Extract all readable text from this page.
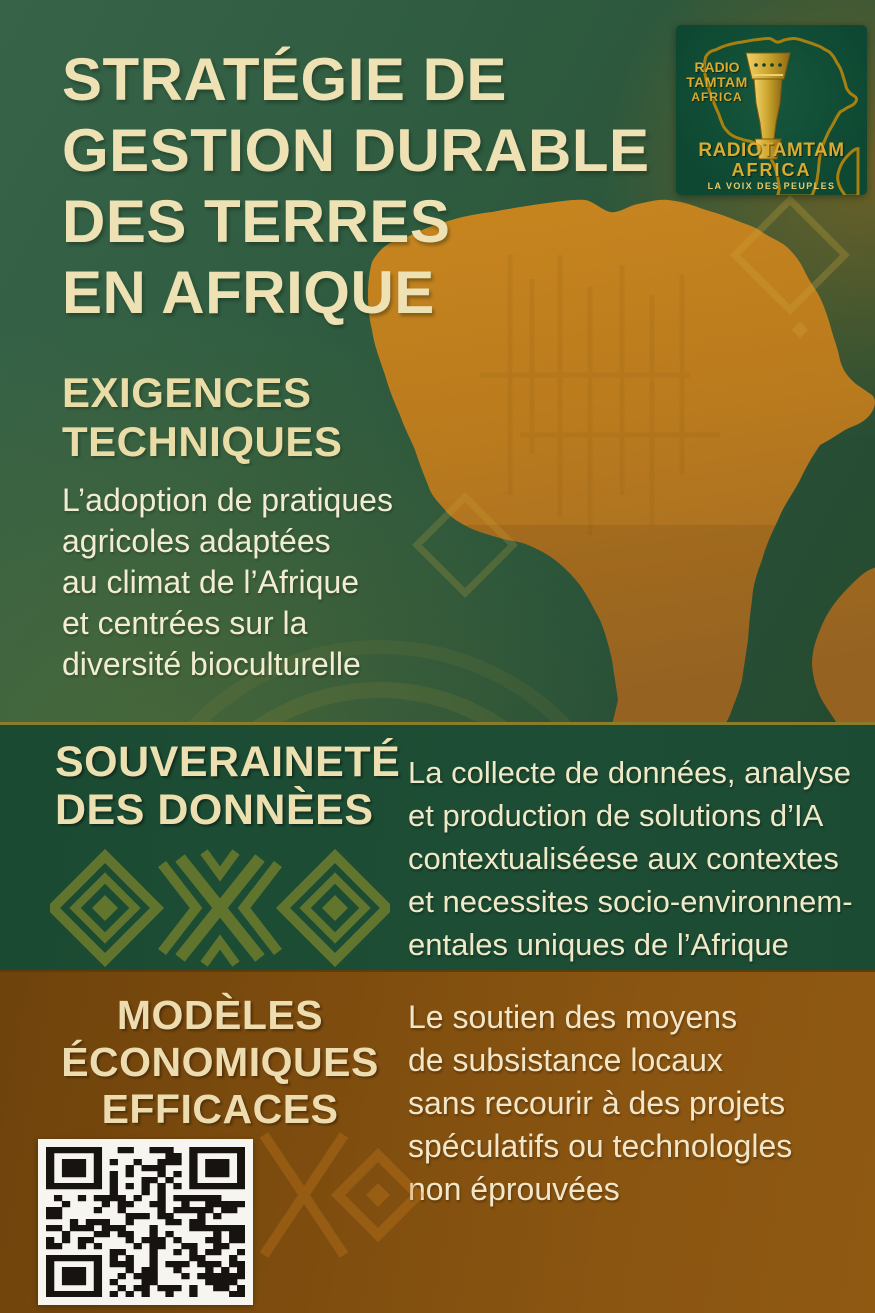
STRATÉGIE DE
GESTION DURABLE
DES TERRES
EN AFRIQUE
RADIO
TAMTAM
AFRICA
RADIOTAMTAM
AFRICA
LA VOIX DES PEUPLES
EXIGENCES
TECHNIQUES
L’adoption de pratiques
agricoles adaptées
au climat de l’Afrique
et centrées sur la
diversité bioculturelle
SOUVERAINETÉ
DES DONNÈES
La collecte de données, analyse
et production de solutions d’IA
contextualiséese aux contextes
et necessites socio-environnem-
entales uniques de l’Afrique
MODÈLES
ÉCONOMIQUES
EFFICACES
Le soutien des moyens
de subsistance locaux
sans recourir à des projets
spéculatifs ou technologles
non éprouvées
